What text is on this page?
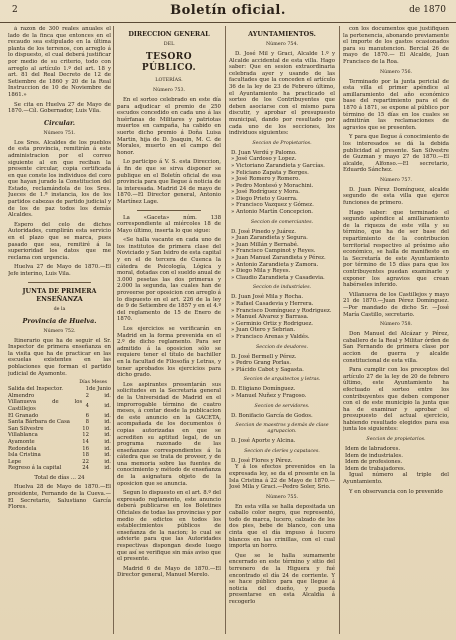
2	Boletín oficial.	de 1870

á razon de 300 reales anuales el lado de la finca que entonces en el recaudo sea estipulado en la última planta de los terrenos, con arreglo á lo dispuesto, el cual deberá justificar por medio de su criterio, todo con arreglo al artículo 1.º del art. 18 y art. 81 del Real Decreto de 12 de Setiembre de 1860 y 20 de la Real Instruccion de 10 de Noviembre de 1861.»

Se cita en Huelva 27 de Mayo de 1870.—Cíl. Gobernador, Luis Vila.

Circular.
Número 751.

Los Sres. Alcaldes de los pueblos de esta provincia, remitirán á este administracion por el correo siguiente al en que reciban la presente circular, copia certificada en que conste los individuos del coro que hayan jurado la Constitucion del Estado, reclamándola de los Sres. Jueces de 1.ª instancia, los de los partidos cabezas de partido judicial y de los de paz todos los demás Alcaldes.

Espero del celo de dichos Autoridades, cumplirán esta servicio en el plazo que se marca, pues pasado que sea, remitiré á la superioridad los datos que me reclama con urgencia.

Huelva 27 de Mayo de 1870.—El Jefe interino, Luis Vila.

JUNTA DE PRIMERA ENSEÑANZA
de la
Provincia de Huelva.
Número 752.

Itinerario que ha de seguir el Sr. Inspector de primera enseñanza en la visita que ha de practicar en las escuelas existentes en las poblaciones que forman el partido judicial de Ayamonte.

Días Meses
Salida del Inspector.	1	de Junio
Almendro	2	id.
Villanueva de los Castillejos	4	id.
El Granado	6	id.
Santa Bárbara de Casa	8	id.
San Silvestre	10	id.
Villablanca	12	id.
Ayamonte	14	id.
Redondela	16	id.
Isla Cristina	18	id.
Lepe	22	id.
Regreso á la capital	24	id.
Total de días ... 24

Huelva 28 de Mayo de 1870.—El presidente, Fernando de la Cueva.—El Secretario, Salustiano García Flores.

DIRECCION GENERAL
DEL
TESORO PÚBLICO.
LOTERÍAS.
Número 753.

En el sorteo celebrado en este día para adjudicar el premio de 250 escudos concedido en cada uno á las huérfanas de Militares y patriotas muertos en campaña, ha cabido en suerte dicho premio á Doña Luisa Martin, hija de D. Joaquin, M. C. de Morales, muerto en el campo del honor.

Lo participo á V. S. esta Direccion, á fin de que se sirva disponer se publique en el Boletín oficial de esa provincia para que llegue á noticia de la interesada. Madrid 24 de mayo de 1870.—El Director general, Antonio Martínez Lage.

La «Gaceta» núm. 138 correspondiente al miércoles 18 de Mayo último, inserta lo que sigue:

«Se halla vacante en cada uno de los institutos de primera clase del Noviciado y San Isidro de esta capital y en el de tercera de Cuenca la cátedra de Psicología, Lógica y moral, dotadas con el sueldo anual de 3.000 pesetas las dos primeras y 2.000 la segunda, las cuales han de proveerse por oposicion con arreglo á lo dispuesto en el art. 226 de la ley de 9 de Setiembre de 1857 y en el 4.º del reglamento de 15 de Enero de 1870.

Los ejercicios se verificarán en Madrid en la forma prevenida en el 2.º de dicho reglamento. Para ser admitido á la oposicion sólo se requiere tener el título de bachiller en la facultad de Filosofía y Letras, y tener aprobados los ejercicios para dicho grado.

Los aspirantes presentarán sus solicitudes en la Secretaría general de la Universidad de Madrid en el improrrogable término de cuatro meses, á contar desde la publicacion de este anuncio en la GACETA, acompañada de los documentos ó copias autorizadas en que se acrediten su aptitud legal, de un programa razonado de las enseñanzas correspondientes á la cátedra que se trata de proveer, y de una memoria sobre las fuentes de conocimiento y método de enseñanza de la asignatura objeto de la oposicion que se anuncia.

Segun lo dispuesto en el art. 8.º del expresado reglamento, este anuncio deberá publicarse en los Boletines Oficiales de todas las provincias y por medio de edictos en todos los establecimientos públicos de enseñanza de la nacion; lo cual se advierte para que las Autoridades respectivas dispongan desde luego que así se verifique sin más aviso que el presente.

Madrid 6 de Mayo de 1870.—El Director general, Manuel Merelo.

AYUNTAMIENTOS.
Número 754.

D. José Mil y Graci, Alcalde 1.º y Alcalde accidental de esta villa. Hago saber: Que en sesion extraordinaria celebrada ayer y usando de las facultades que la conceden el artículo 36 de la ley de 23 de Febrero último, el Ayuntamiento ha practicado el sorteo de los Contribuyentes que deben asociarse con el mismo para discutir, y aprobar el presupuesto municipal, dando por resultado por cada uno de los secciones, los individuos siguientes:

Seccion de Propietarios.
D. Juan Verdú y Palomo.
» José Cardoso y Lopez.
» Victoriano Zarandieta y Garcías.
» Feliciano Zapata y Borges.
» José Romero y Romero.
» Pedro Montesó y Morachini.
» José Rodríguez y Mora.
» Diego Prieto y Guerra.
» Francisco Vazquez y Gómez.
» Antonio Martín Concepcion.
Seccion de comerciantes.
D. José Pinedo y Juárez.
» Juan Zarandieta y Segura.
» Juan Millán y Bernabé.
» Francisco Campinot y Reyes.
» Juan Manuel Zarandieta y Pérez.
» Antonio Zarandieta y Zamora.
» Diego Mila y Reyes.
» Claudio Zarandieta y Casadevia.
Seccion de industriales.
D. Juan José Mila y Rocha.
» Rafael Casadevia y Herrera.
» Francisco Domínguez y Rodriguez.
» Manuel Alvarez y Barrasa.
» Germinio Ortiz y Rodriguez.
» Juan Otero y Sebrian.
» Francisco Arenas y Valdés.
Seccion de deudores.
D. José Bermell y Pérez.
» Pedro Grang Porlas.
» Plácido Cabot y Sagasta.
Seccion de arquitectos y letras.
D. Eligiano Domínguez.
» Manuel Nuñez y Fragoso.
Seccion de servidores.
D. Bonifacio García de Godos.
Seccion de maestros y demás de clase agrupacion.
D. José Aporte y Alcina.
Seccion de cleríes y capataces.
D. José Flores y Pérez.

Y á los efectos prevenidos en la expresada ley, se da el presente en la Isla Cristina á 22 de Mayo de 1870.—José Mila y Graci.—Pedro Soler, Srio.

Número 755.

En esta villa se halla depositada un caballo color negro, que representó, todo de marca, lucero, calzado de los dos pies, bebe de blanco, con una cinta que el día impuso á lucero blancos en las crinillas, con el cual importa un horro.

Que se le halla sumamente encerrado en este término y sitio del terrenero de la Higuera y fué encontrado el día 24 de corriente. Y se hace público para que llegue á noticia del dueño, y pueda presentarse en esta Alcaldía á recogerlo

con los documentos que justifiquen la pertenencia, abonando previamente el importe de los gastos ocasionados para su manutencion. Bercial 26 de mayo de 1870.— El Alcalde, Juan Francisco de la Roa.

Número 756.

Terminado por la junta pericial de esta villa el primer apéndice al amillaramiento del año económico base del repartimiento para el de 1870 á 1871, se expone al público por término de 15 días en los cuales se admitirán las reclamaciones de agravios que se presenten.

Y para que llegue á conocimiento de los interesados se dá la debida publicidad al presente. San Silvestre de Guzman y mayo 27 de 1870.—El alcalde, Alfonso.—El secretario, Eduardo Sánchez.

Número 757.

D. Juan Pérez Domínguez, alcalde segundo de esta villa que ejerce funciones de primero.

Hago saber: que terminado el segundo apéndice al amillaramiento de la riqueza de este villa y su término, que ha de ser base del repartimiento de la contribucion territorial respectivo al próximo año económico, se halla de manifiesto en la Secretaría de este Ayuntamiento por término de 15 días para que los contribuyentes puedan examinarle y exponer los agravios que crean habérseles inferido.

Villanueva de los Castillejos y mayo 21 de 1870.—Juan Pérez Domínguez.—Por mandado de dicho Sr. —José María Castillo, secretario.

Número 758.

Don Manuel del Alcázar y Pérez, caballero de la Real y Militar órden de San Fernando de primera clase por accion de guerra y alcalde constitucional de esta villa.

Para cumplir con los preceptos del artículo 27 de la ley de 20 de febrero último, este Ayuntamiento ha efectuado el sorteo entre los contribuyentes que deben componer con el de este municipio la junta que ha de examinar y aprobar el presupuesto del actual ejercicio, habiendo resultado elegidos para esa junta los siguientes:

Seccion de propietarios.
Idem de labradores.
Idem de industriales.
Idem de profesiones.
Idem de trabajadores.

Igual número al triple del Ayuntamiento.

Y en observancia con lo prevenido
